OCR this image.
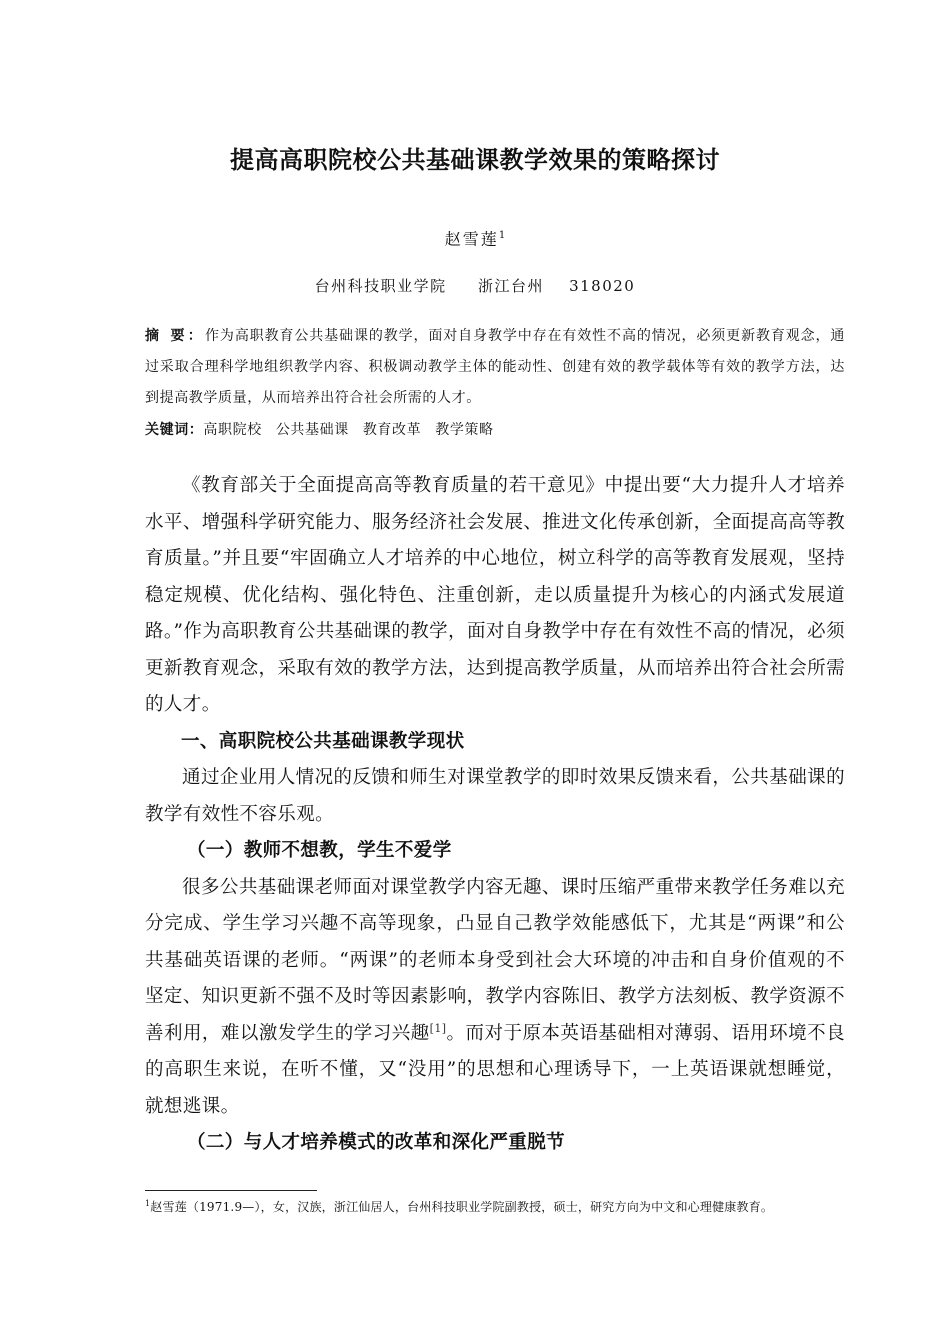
提高高职院校公共基础课教学效果的策略探讨
赵雪莲$^1$
台州科技职业学院     浙江台州    318020
摘 要：作为高职教育公共基础课的教学，面对自身教学中存在有效性不高的情况，必须更新教育观念，通过采取合理科学地组织教学内容、积极调动教学主体的能动性、创建有效的教学载体等有效的教学方法，达到提高教学质量，从而培养出符合社会所需的人才。
关键词：高职院校 公共基础课 教育改革 教学策略

《教育部关于全面提高高等教育质量的若干意见》中提出要“大力提升人才培养水平、增强科学研究能力、服务经济社会发展、推进文化传承创新，全面提高高等教育质量。”并且要“牢固确立人才培养的中心地位，树立科学的高等教育发展观，坚持稳定规模、优化结构、强化特色、注重创新，走以质量提升为核心的内涵式发展道路。”作为高职教育公共基础课的教学，面对自身教学中存在有效性不高的情况，必须更新教育观念，采取有效的教学方法，达到提高教学质量，从而培养出符合社会所需的人才。

一、高职院校公共基础课教学现状

通过企业用人情况的反馈和师生对课堂教学的即时效果反馈来看，公共基础课的教学有效性不容乐观。

（一）教师不想教，学生不爱学

很多公共基础课老师面对课堂教学内容无趣、课时压缩严重带来教学任务难以充分完成、学生学习兴趣不高等现象，凸显自己教学效能感低下，尤其是“两课”和公共基础英语课的老师。“两课”的老师本身受到社会大环境的冲击和自身价值观的不坚定、知识更新不强不及时等因素影响，教学内容陈旧、教学方法刻板、教学资源不善利用，难以激发学生的学习兴趣[1]。而对于原本英语基础相对薄弱、语用环境不良的高职生来说，在听不懂，又“没用”的思想和心理诱导下，一上英语课就想睡觉，就想逃课。

（二）与人才培养模式的改革和深化严重脱节
$^1$赵雪莲（1971.9—），女，汉族，浙江仙居人，台州科技职业学院副教授，硕士，研究方向为中文和心理健康教育。
